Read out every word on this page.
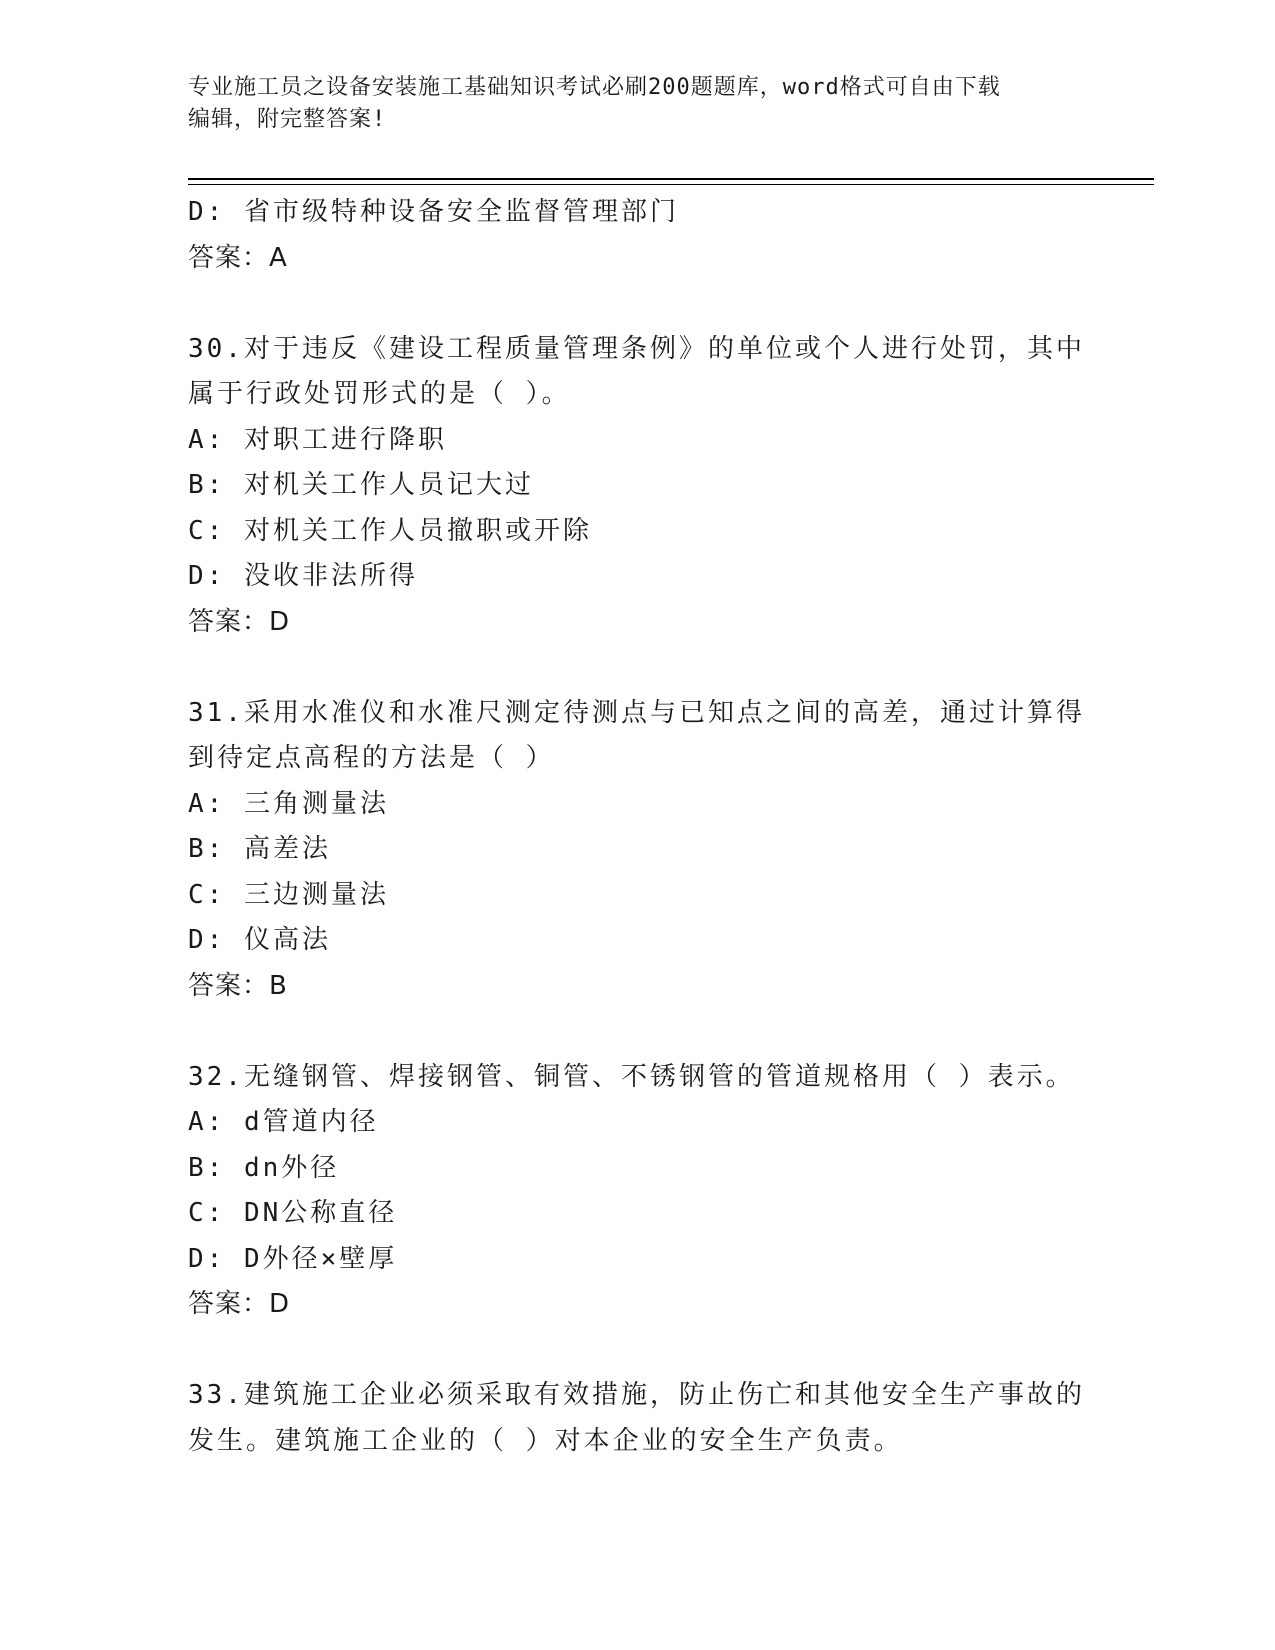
专业施工员之设备安装施工基础知识考试必刷200题题库，word格式可自由下载
编辑，附完整答案!
D: 省市级特种设备安全监督管理部门
答案：A
30.对于违反《建设工程质量管理条例》的单位或个人进行处罚，其中
属于行政处罚形式的是（ ）。
A: 对职工进行降职
B: 对机关工作人员记大过
C: 对机关工作人员撤职或开除
D: 没收非法所得
答案：D
31.采用水准仪和水准尺测定待测点与已知点之间的高差，通过计算得
到待定点高程的方法是（ ）
A: 三角测量法
B: 高差法
C: 三边测量法
D: 仪高法
答案：B
32.无缝钢管、焊接钢管、铜管、不锈钢管的管道规格用（ ）表示。
A: d管道内径
B: dn外径
C: DN公称直径
D: D外径×壁厚
答案：D
33.建筑施工企业必须采取有效措施，防止伤亡和其他安全生产事故的
发生。建筑施工企业的（ ）对本企业的安全生产负责。
